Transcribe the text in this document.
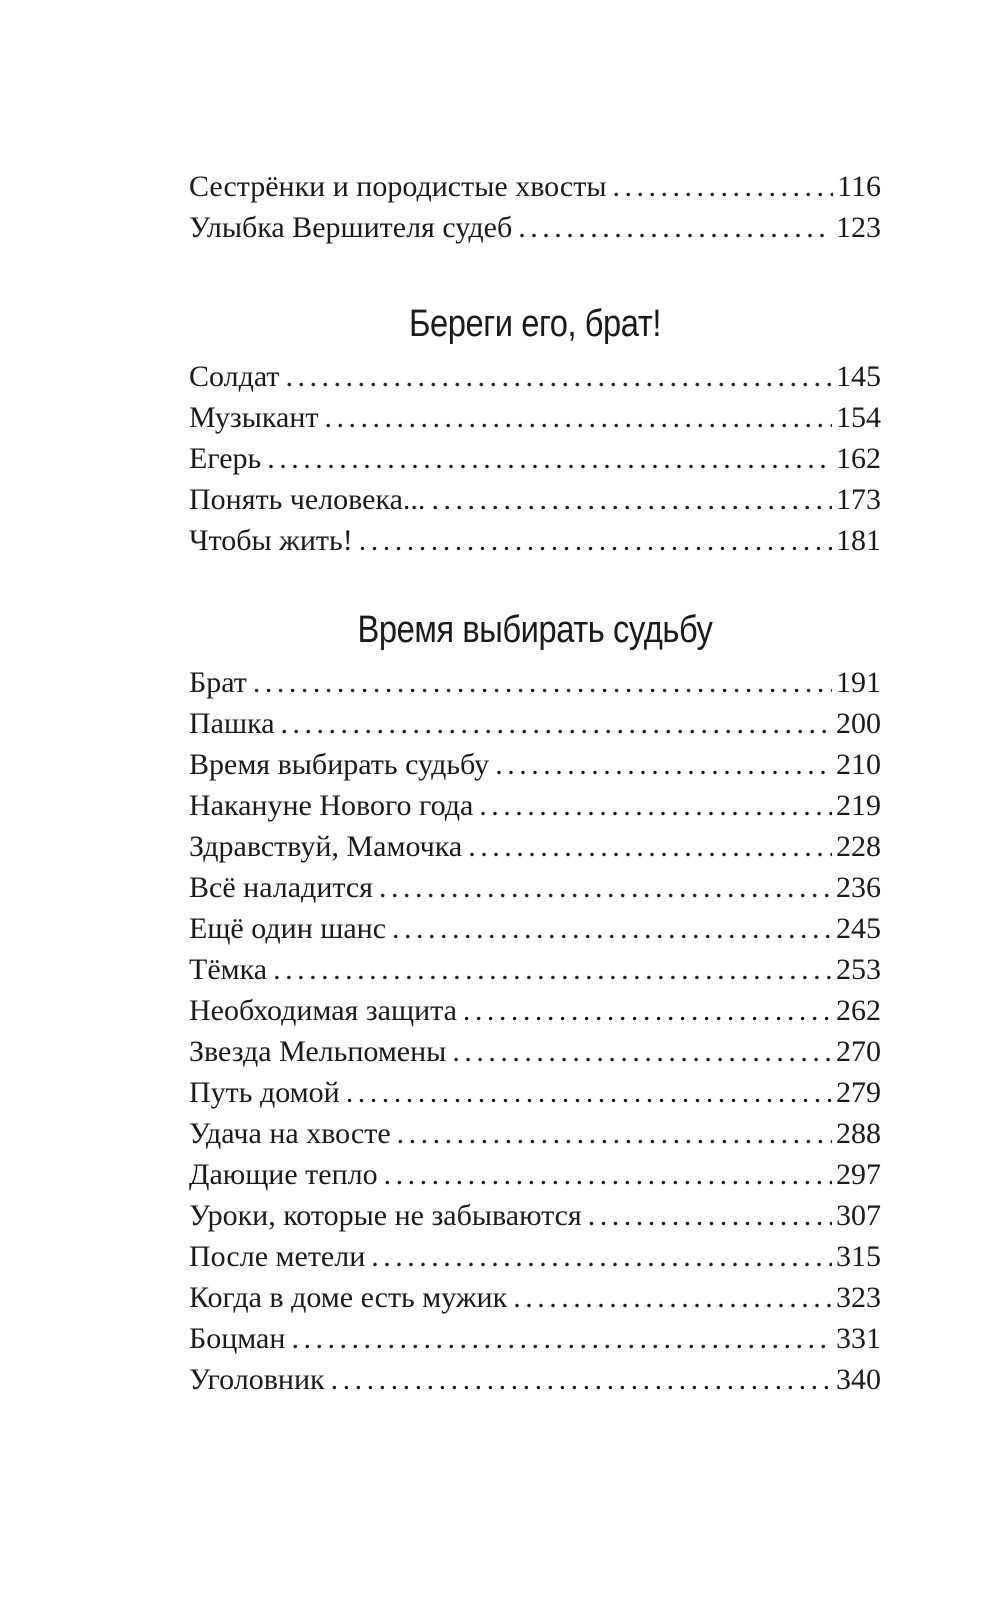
Сестрёнки и породистые хвосты . . .	116
Улыбка Вершителя судеб . . .	123
Береги его, брат!
Солдат . . .	145
Музыкант . . .	154
Егерь . . .	162
Понять человека... . . .	173
Чтобы жить! . . .	181
Время выбирать судьбу
Брат . . .	191
Пашка . . .	200
Время выбирать судьбу . . .	210
Накануне Нового года . . .	219
Здравствуй, Мамочка . . .	228
Всё наладится . . .	236
Ещё один шанс . . .	245
Тёмка . . .	253
Необходимая защита . . .	262
Звезда Мельпомены . . .	270
Путь домой . . .	279
Удача на хвосте . . .	288
Дающие тепло . . .	297
Уроки, которые не забываются . . .	307
После метели . . .	315
Когда в доме есть мужик . . .	323
Боцман . . .	331
Уголовник . . .	340
